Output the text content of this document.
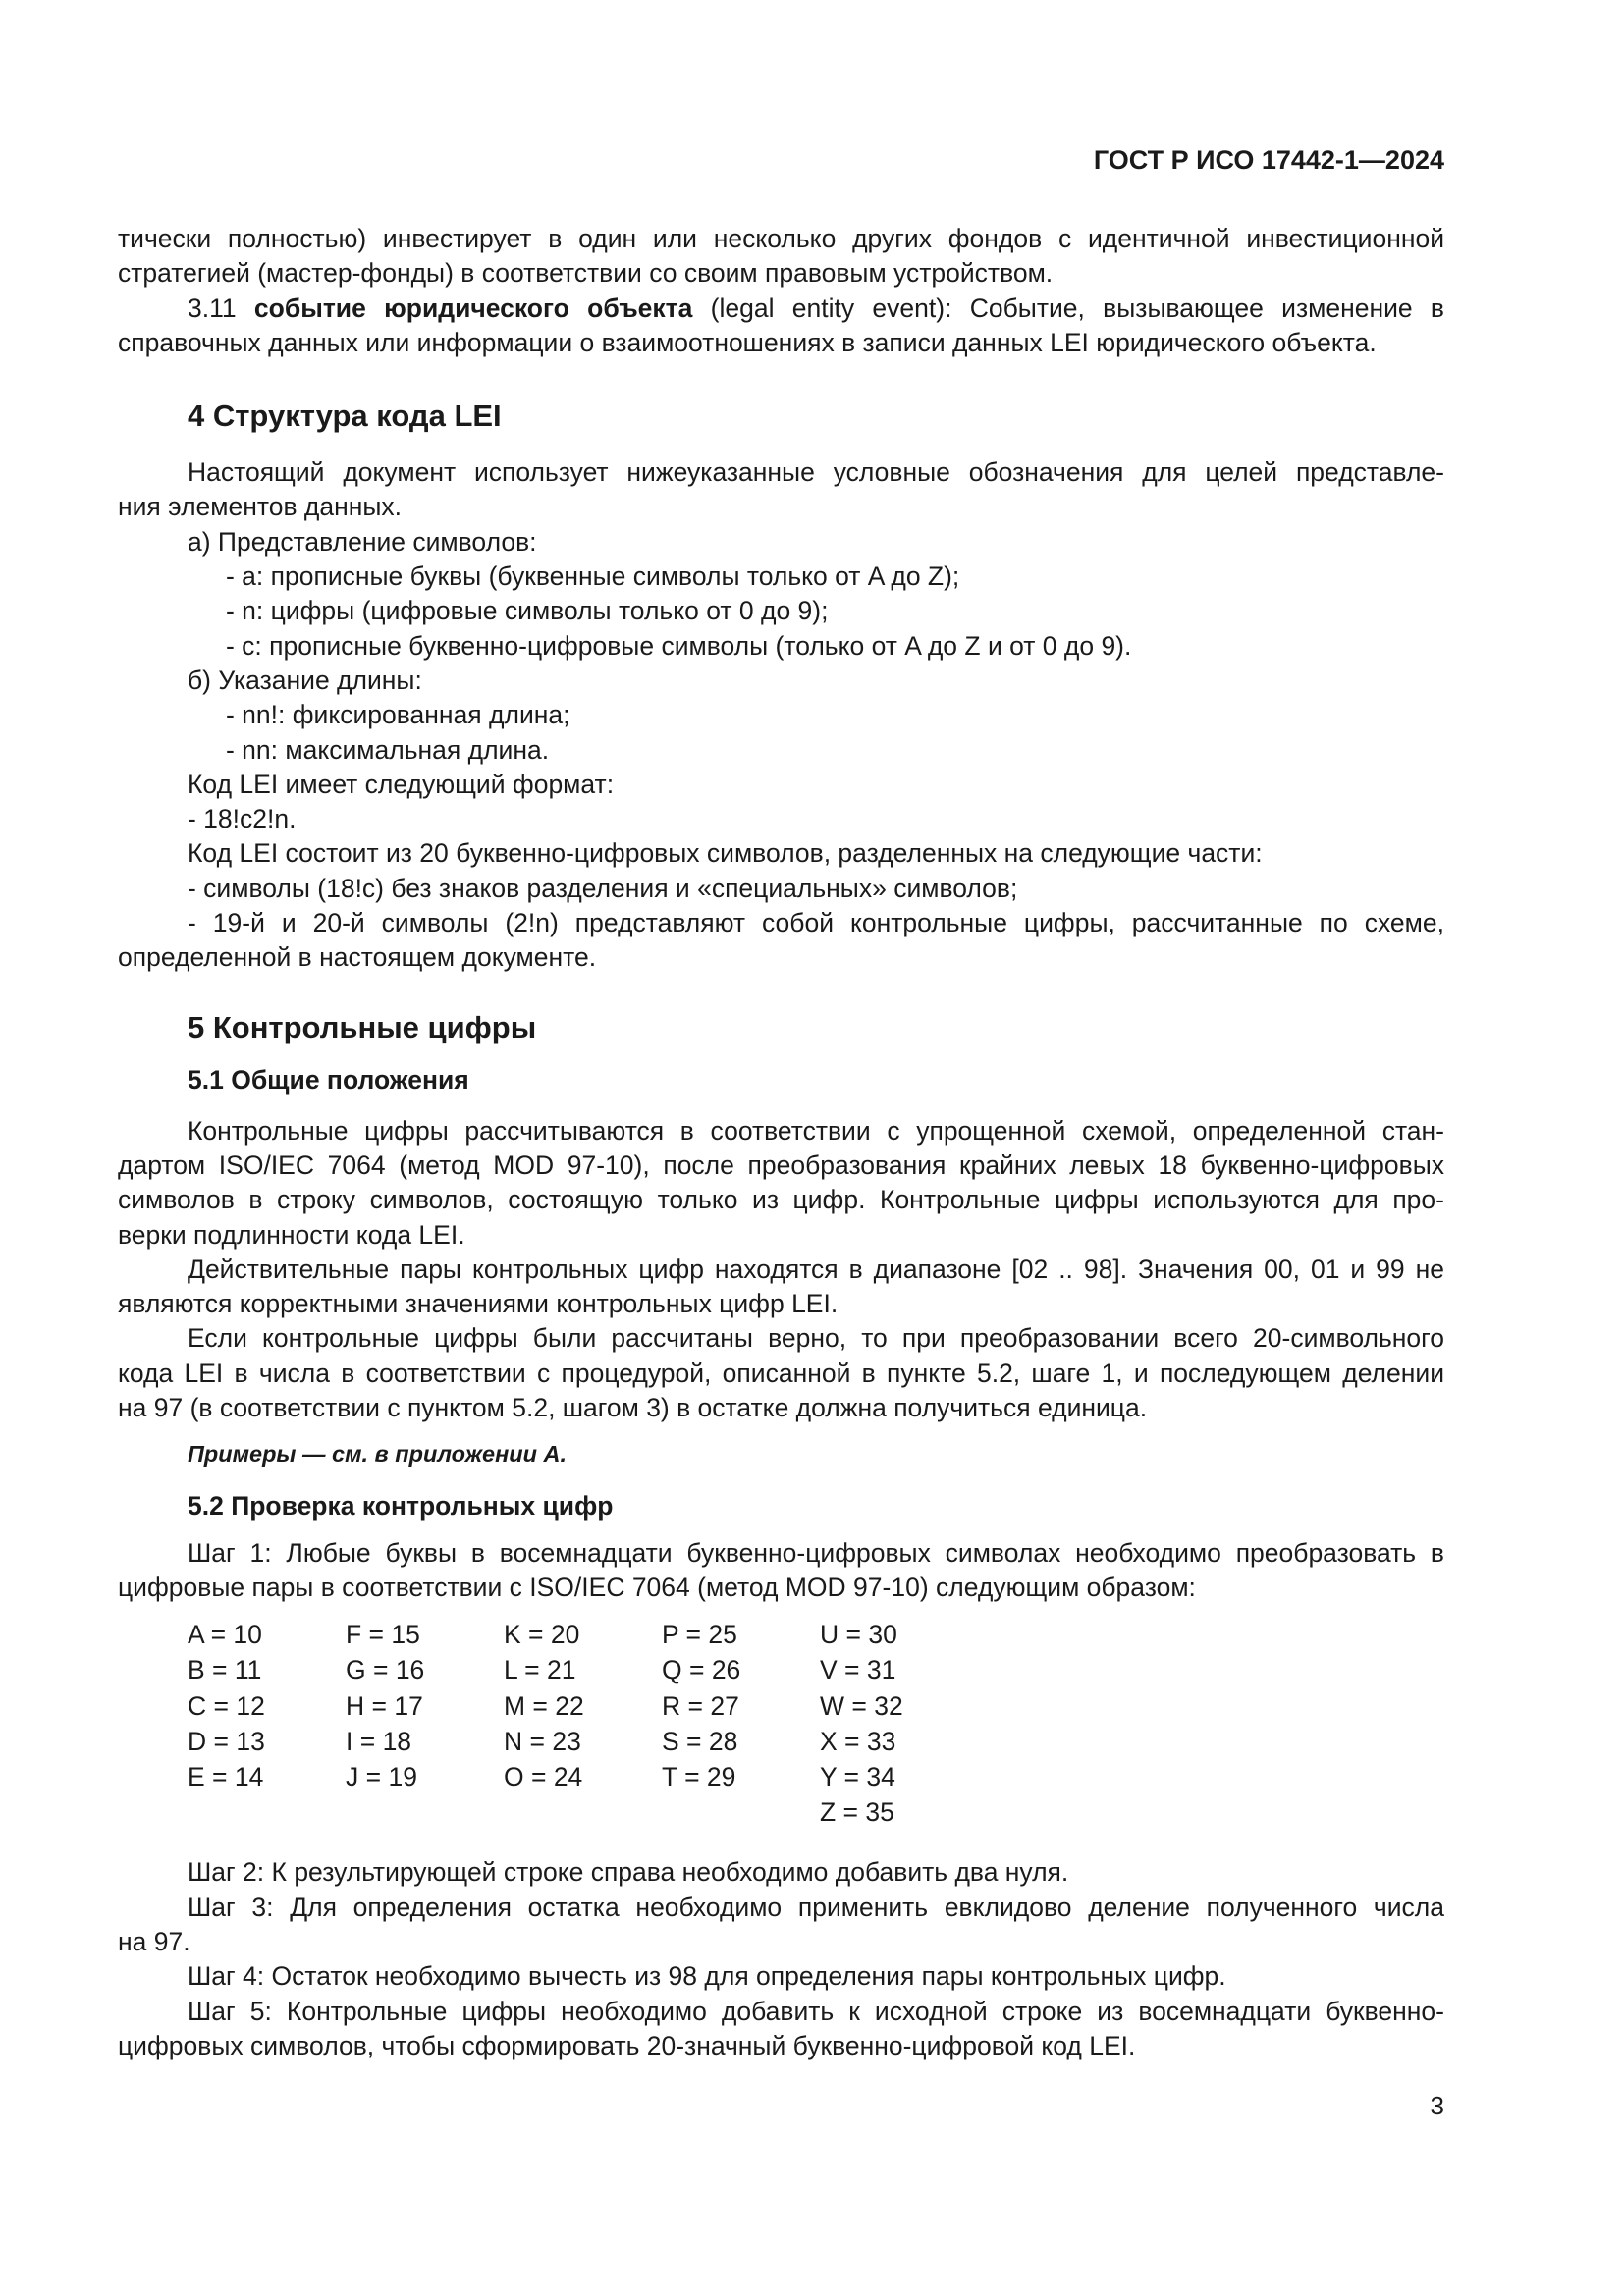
ГОСТ Р ИСО 17442-1—2024

тически полностью) инвестирует в один или несколько других фондов с идентичной инвестиционной

стратегией (мастер-фонды) в соответствии со своим правовым устройством.

3.11 событие юридического объекта (legal entity event): Событие, вызывающее изменение в

справочных данных или информации о взаимоотношениях в записи данных LEI юридического объекта.

4 Структура кода LEI

Настоящий документ использует нижеуказанные условные обозначения для целей представле-

ния элементов данных.

а) Представление символов:

- a: прописные буквы (буквенные символы только от A до Z);

- n: цифры (цифровые символы только от 0 до 9);

- c: прописные буквенно-цифровые символы (только от A до Z и от 0 до 9).

б) Указание длины:

- nn!: фиксированная длина;

- nn: максимальная длина.

Код LEI имеет следующий формат:

- 18!c2!n.

Код LEI состоит из 20 буквенно-цифровых символов, разделенных на следующие части:

- символы (18!c) без знаков разделения и «специальных» символов;

- 19-й и 20-й символы (2!n) представляют собой контрольные цифры, рассчитанные по схеме,

определенной в настоящем документе.

5 Контрольные цифры
5.1 Общие положения

Контрольные цифры рассчитываются в соответствии с упрощенной схемой, определенной стан-

дартом ISO/IEC 7064 (метод MOD 97-10), после преобразования крайних левых 18 буквенно-цифровых

символов в строку символов, состоящую только из цифр. Контрольные цифры используются для про-

верки подлинности кода LEI.

Действительные пары контрольных цифр находятся в диапазоне [02 .. 98]. Значения 00, 01 и 99 не

являются корректными значениями контрольных цифр LEI.

Если контрольные цифры были рассчитаны верно, то при преобразовании всего 20-символьного

кода LEI в числа в соответствии с процедурой, описанной в пункте 5.2, шаге 1, и последующем делении

на 97 (в соответствии с пунктом 5.2, шагом 3) в остатке должна получиться единица.

Примеры — см. в приложении А.

5.2 Проверка контрольных цифр

Шаг 1: Любые буквы в восемнадцати буквенно-цифровых символах необходимо преобразовать в

цифровые пары в соответствии с ISO/IEC 7064 (метод MOD 97-10) следующим образом:

A = 10	F = 15	K = 20	P = 25	U = 30
B = 11	G = 16	L = 21	Q = 26	V = 31
C = 12	H = 17	M = 22	R = 27	W = 32
D = 13	I = 18	N = 23	S = 28	X = 33
E = 14	J = 19	O = 24	T = 29	Y = 34
				Z = 35

Шаг 2: К результирующей строке справа необходимо добавить два нуля.

Шаг 3: Для определения остатка необходимо применить евклидово деление полученного числа

на 97.

Шаг 4: Остаток необходимо вычесть из 98 для определения пары контрольных цифр.

Шаг 5: Контрольные цифры необходимо добавить к исходной строке из восемнадцати буквенно-

цифровых символов, чтобы сформировать 20-значный буквенно-цифровой код LEI.

3
